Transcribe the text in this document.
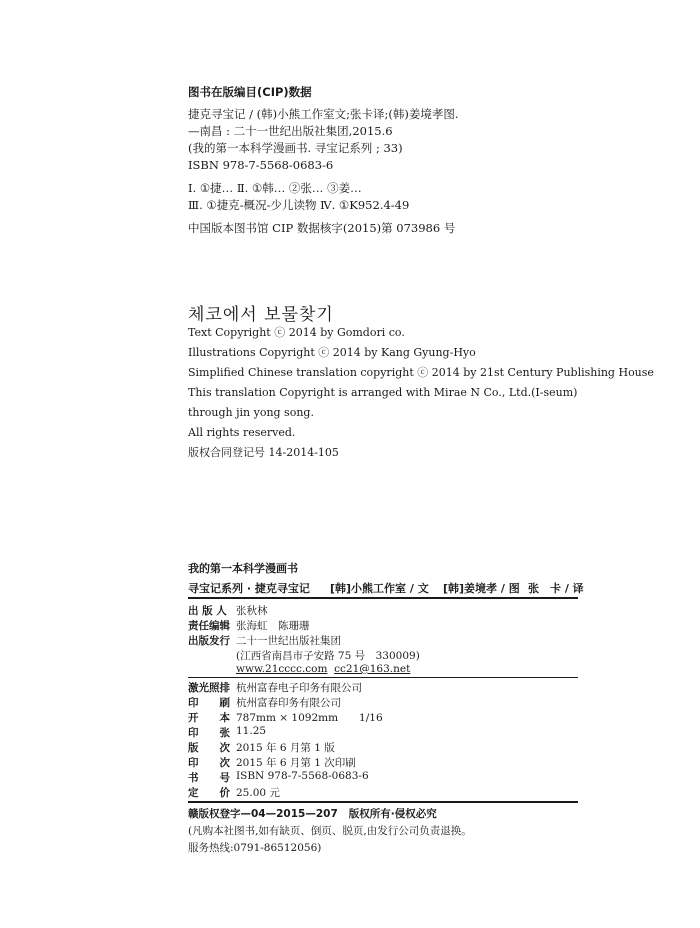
图书在版编目(CIP)数据
捷克寻宝记 / (韩)小熊工作室文;张卡译;(韩)姜境孝图.
—南昌 : 二十一世纪出版社集团,2015.6
(我的第一本科学漫画书. 寻宝记系列 ; 33)
ISBN 978-7-5568-0683-6
Ⅰ. ①捷… Ⅱ. ①韩… ②张… ③姜…
Ⅲ. ①捷克-概况-少儿读物 Ⅳ. ①K952.4-49
中国版本图书馆 CIP 数据核字(2015)第 073986 号
체코에서 보물찾기
Text Copyright ⓒ 2014 by Gomdori co.
Illustrations Copyright ⓒ 2014 by Kang Gyung-Hyo
Simplified Chinese translation copyright ⓒ 2014 by 21st Century Publishing House
This translation Copyright is arranged with Mirae N Co., Ltd.(I-seum)
through jin yong song.
All rights reserved.
版权合同登记号 14-2014-105
我的第一本科学漫画书
寻宝记系列 · 捷克寻宝记 [韩]小熊工作室 / 文 [韩]姜境孝 / 图 张　卡 / 译
出 版 人 张秋林
责任编辑 张海虹　陈珊珊
出版发行 二十一世纪出版社集团
(江西省南昌市子安路 75 号　330009)
www.21cccc.com cc21@163.net
激光照排 杭州富春电子印务有限公司
印　　刷 杭州富春印务有限公司
开　　本 787mm × 1092mm　　1/16
印　　张 11.25
版　　次 2015 年 6 月第 1 版
印　　次 2015 年 6 月第 1 次印刷
书　　号 ISBN 978-7-5568-0683-6
定　　价 25.00 元
赣版权登字—04—2015—207 版权所有·侵权必究
(凡购本社图书,如有缺页、倒页、脱页,由发行公司负责退换。
服务热线:0791-86512056)
